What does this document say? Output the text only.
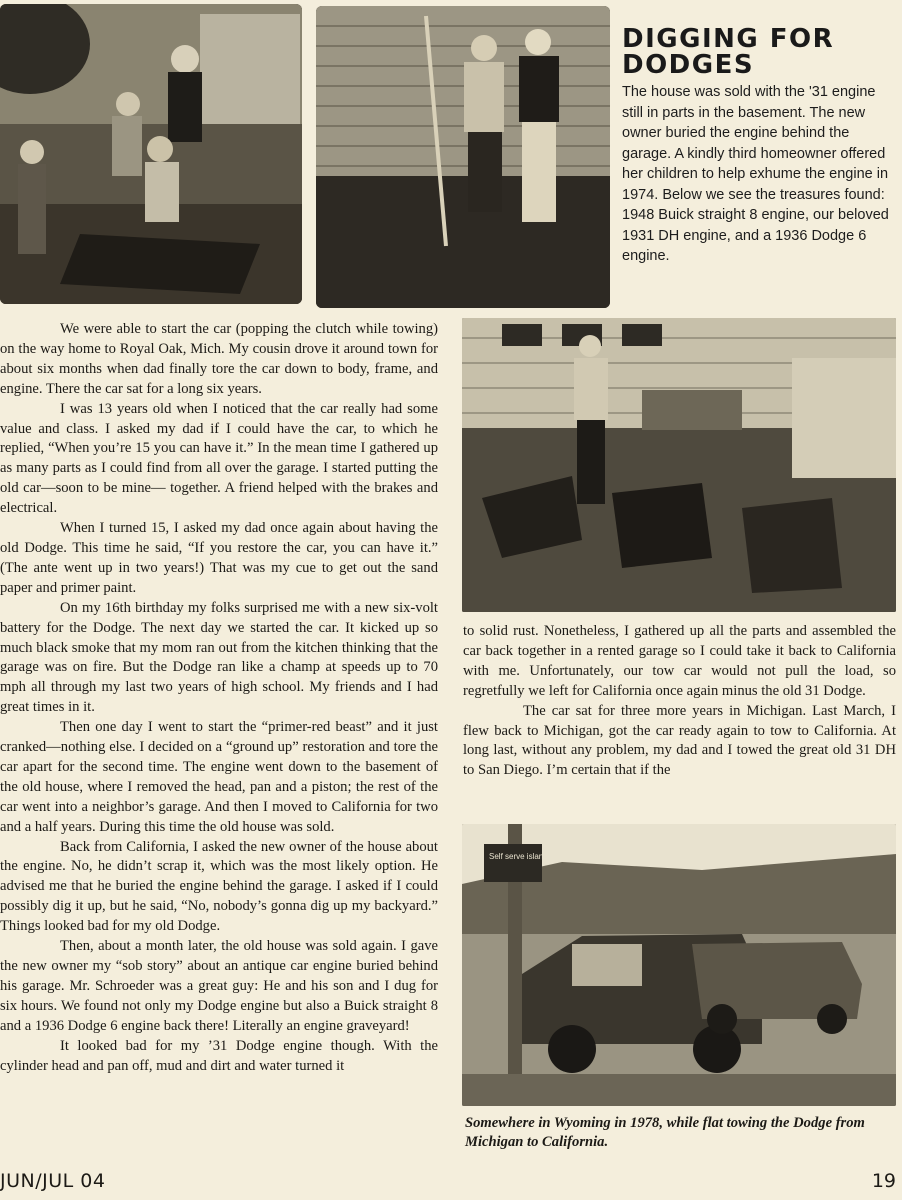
Self serve island
DIGGING FOR DODGES

The house was sold with the '31 engine still in parts in the basement. The new owner buried the engine behind the garage. A kindly third homeowner offered her children to help exhume the engine in 1974. Below we see the treasures found: 1948 Buick straight 8 engine, our beloved 1931 DH engine, and a 1936 Dodge 6 engine.

We were able to start the car (popping the clutch while towing) on the way home to Royal Oak, Mich. My cousin drove it around town for about six months when dad finally tore the car down to body, frame, and engine. There the car sat for a long six years.

I was 13 years old when I noticed that the car really had some value and class. I asked my dad if I could have the car, to which he replied, “When you’re 15 you can have it.” In the mean time I gathered up as many parts as I could find from all over the garage. I started putting the old car—soon to be mine— together. A friend helped with the brakes and electrical.

When I turned 15, I asked my dad once again about having the old Dodge. This time he said, “If you restore the car, you can have it.” (The ante went up in two years!) That was my cue to get out the sand paper and primer paint.

On my 16th birthday my folks surprised me with a new six-volt battery for the Dodge. The next day we started the car. It kicked up so much black smoke that my mom ran out from the kitchen thinking that the garage was on fire. But the Dodge ran like a champ at speeds up to 70 mph all through my last two years of high school. My friends and I had great times in it.

Then one day I went to start the “primer-red beast” and it just cranked—nothing else. I decided on a “ground up” restoration and tore the car apart for the second time. The engine went down to the basement of the old house, where I removed the head, pan and a piston; the rest of the car went into a neighbor’s garage. And then I moved to California for two and a half years. During this time the old house was sold.

Back from California, I asked the new owner of the house about the engine. No, he didn’t scrap it, which was the most likely option. He advised me that he buried the engine behind the garage. I asked if I could possibly dig it up, but he said, “No, nobody’s gonna dig up my backyard.” Things looked bad for my old Dodge.

Then, about a month later, the old house was sold again. I gave the new owner my “sob story” about an antique car engine buried behind his garage. Mr. Schroeder was a great guy: He and his son and I dug for six hours. We found not only my Dodge engine but also a Buick straight 8 and a 1936 Dodge 6 engine back there! Literally an engine graveyard!

It looked bad for my ’31 Dodge engine though. With the cylinder head and pan off, mud and dirt and water turned it

to solid rust. Nonetheless, I gathered up all the parts and assembled the car back together in a rented garage so I could take it back to California with me. Unfortunately, our tow car would not pull the load, so regretfully we left for California once again minus the old 31 Dodge.

The car sat for three more years in Michigan. Last March, I flew back to Michigan, got the car ready again to tow to California. At long last, without any problem, my dad and I towed the great old 31 DH to San Diego. I’m certain that if the

Somewhere in Wyoming in 1978, while flat towing the Dodge from Michigan to California.

JUN/JUL 04	19
